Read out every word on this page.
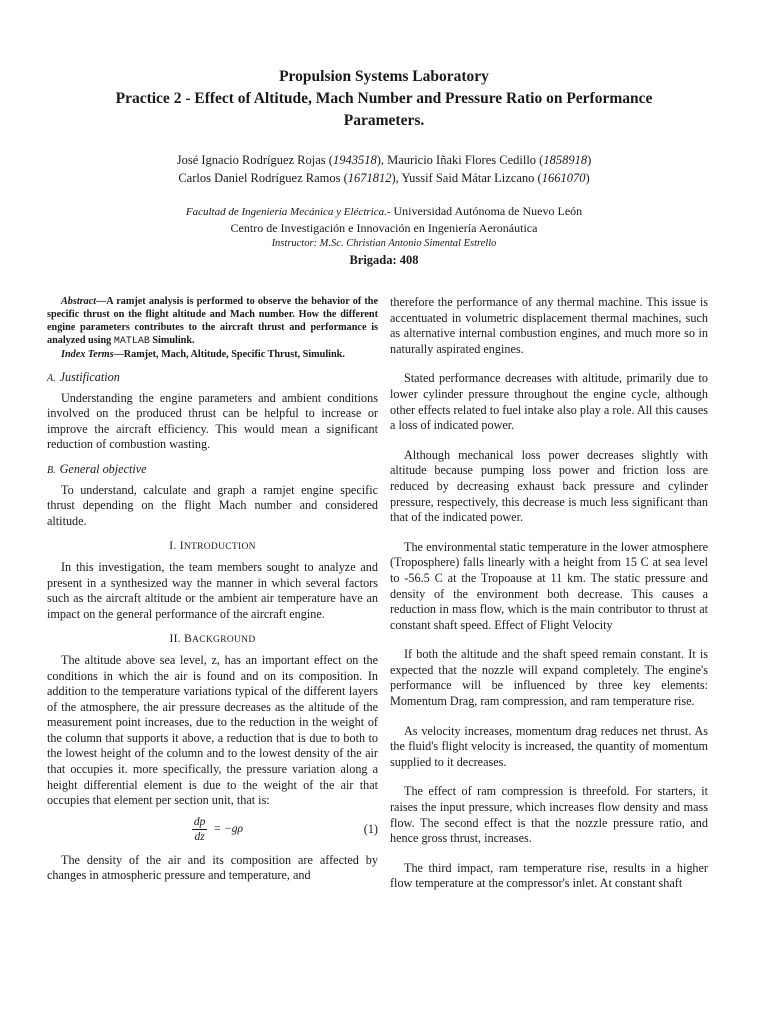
Propulsion Systems Laboratory
Practice 2 - Effect of Altitude, Mach Number and Pressure Ratio on Performance
Parameters.
José Ignacio Rodríguez Rojas (1943518), Mauricio Iñaki Flores Cedillo (1858918)
Carlos Daniel Rodríguez Ramos (1671812), Yussif Said Mátar Lizcano (1661070)
Facultad de Ingeniería Mecánica y Eléctrica.- Universidad Autónoma de Nuevo León
Centro de Investigación e Innovación en Ingeniería Aeronáutica
Instructor: M.Sc. Christian Antonio Simental Estrello
Brigada: 408

Abstract—A ramjet analysis is performed to observe the behavior of the specific thrust on the flight altitude and Mach number. How the different engine parameters contributes to the aircraft thrust and performance is analyzed using MATLAB Simulink.

Index Terms—Ramjet, Mach, Altitude, Specific Thrust, Simulink.

A. Justification

Understanding the engine parameters and ambient conditions involved on the produced thrust can be helpful to increase or improve the aircraft efficiency. This would mean a significant reduction of combustion wasting.

B. General objective

To understand, calculate and graph a ramjet engine specific thrust depending on the flight Mach number and considered altitude.

I. INTRODUCTION

In this investigation, the team members sought to analyze and present in a synthesized way the manner in which several factors such as the aircraft altitude or the ambient air temperature have an impact on the general performance of the aircraft engine.

II. BACKGROUND

The altitude above sea level, z, has an important effect on the conditions in which the air is found and on its composition. In addition to the temperature variations typical of the different layers of the atmosphere, the air pressure decreases as the altitude of the measurement point increases, due to the reduction in the weight of the column that supports it above, a reduction that is due to both to the lowest height of the column and to the lowest density of the air that occupies it. more specifically, the pressure variation along a height differential element is due to the weight of the air that occupies that element per section unit, that is:

$\frac{dp}{dz} = -g\rho$	(1)

The density of the air and its composition are affected by changes in atmospheric pressure and temperature, and

therefore the performance of any thermal machine. This issue is accentuated in volumetric displacement thermal machines, such as alternative internal combustion engines, and much more so in naturally aspirated engines.

Stated performance decreases with altitude, primarily due to lower cylinder pressure throughout the engine cycle, although other effects related to fuel intake also play a role. All this causes a loss of indicated power.

Although mechanical loss power decreases slightly with altitude because pumping loss power and friction loss are reduced by decreasing exhaust back pressure and cylinder pressure, respectively, this decrease is much less significant than that of the indicated power.

The environmental static temperature in the lower atmosphere (Troposphere) falls linearly with a height from 15 C at sea level to -56.5 C at the Tropoause at 11 km. The static pressure and density of the environment both decrease. This causes a reduction in mass flow, which is the main contributor to thrust at constant shaft speed. Effect of Flight Velocity

If both the altitude and the shaft speed remain constant. It is expected that the nozzle will expand completely. The engine's performance will be influenced by three key elements: Momentum Drag, ram compression, and ram temperature rise.

As velocity increases, momentum drag reduces net thrust. As the fluid's flight velocity is increased, the quantity of momentum supplied to it decreases.

The effect of ram compression is threefold. For starters, it raises the input pressure, which increases flow density and mass flow. The second effect is that the nozzle pressure ratio, and hence gross thrust, increases.

The third impact, ram temperature rise, results in a higher flow temperature at the compressor's inlet. At constant shaft
